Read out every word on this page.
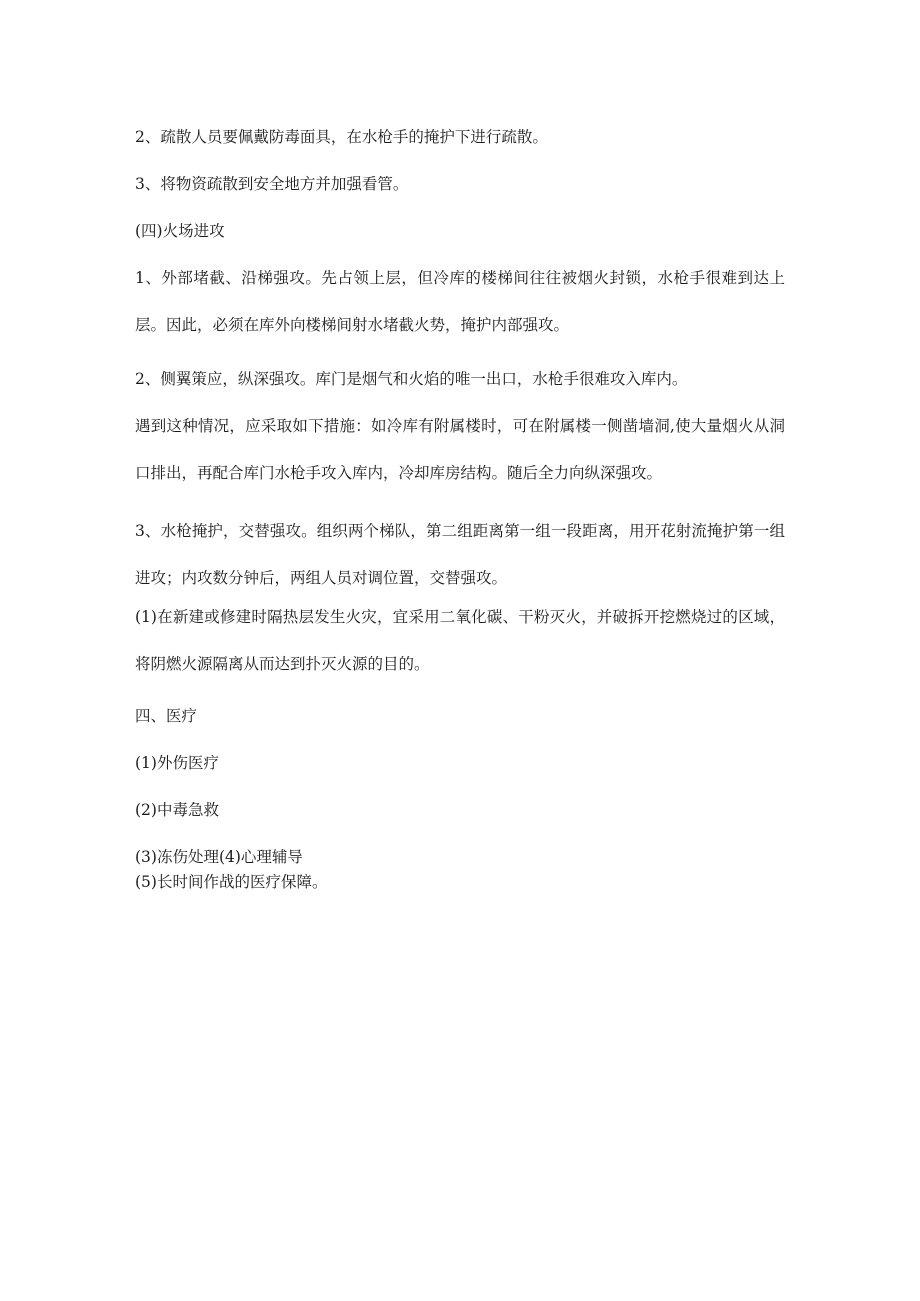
2、疏散人员要佩戴防毒面具，在水枪手的掩护下进行疏散。
3、将物资疏散到安全地方并加强看管。
(四)火场进攻
1、外部堵截、沿梯强攻。先占领上层，但冷库的楼梯间往往被烟火封锁，水枪手很难到达上层。因此，必须在库外向楼梯间射水堵截火势，掩护内部强攻。
2、侧翼策应，纵深强攻。库门是烟气和火焰的唯一出口，水枪手很难攻入库内。
遇到这种情况，应采取如下措施：如冷库有附属楼时，可在附属楼一侧凿墙洞,使大量烟火从洞口排出，再配合库门水枪手攻入库内，冷却库房结构。随后全力向纵深强攻。
3、水枪掩护，交替强攻。组织两个梯队，第二组距离第一组一段距离，用开花射流掩护第一组进攻；内攻数分钟后，两组人员对调位置，交替强攻。
(1)在新建或修建时隔热层发生火灾，宜采用二氧化碳、干粉灭火，并破拆开挖燃烧过的区域，将阴燃火源隔离从而达到扑灭火源的目的。
四、医疗
(1)外伤医疗
(2)中毒急救
(3)冻伤处理(4)心理辅导
(5)长时间作战的医疗保障。
